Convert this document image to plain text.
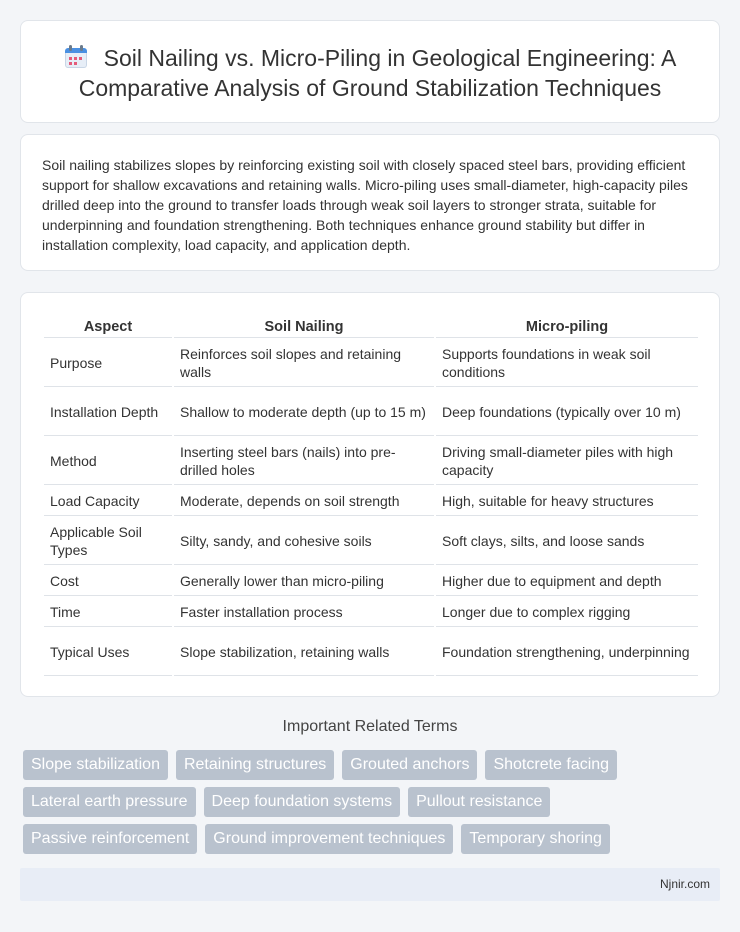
Soil Nailing vs. Micro-Piling in Geological Engineering: A Comparative Analysis of Ground Stabilization Techniques

Soil nailing stabilizes slopes by reinforcing existing soil with closely spaced steel bars, providing efficient support for shallow excavations and retaining walls. Micro-piling uses small-diameter, high-capacity piles drilled deep into the ground to transfer loads through weak soil layers to stronger strata, suitable for underpinning and foundation strengthening. Both techniques enhance ground stability but differ in installation complexity, load capacity, and application depth.

Aspect	Soil Nailing	Micro-piling
Purpose	Reinforces soil slopes and retaining walls	Supports foundations in weak soil conditions
Installation Depth	Shallow to moderate depth (up to 15 m)	Deep foundations (typically over 10 m)
Method	Inserting steel bars (nails) into pre-drilled holes	Driving small-diameter piles with high capacity
Load Capacity	Moderate, depends on soil strength	High, suitable for heavy structures
Applicable Soil Types	Silty, sandy, and cohesive soils	Soft clays, silts, and loose sands
Cost	Generally lower than micro-piling	Higher due to equipment and depth
Time	Faster installation process	Longer due to complex rigging
Typical Uses	Slope stabilization, retaining walls	Foundation strengthening, underpinning
Important Related Terms
Slope stabilization	Retaining structures	Grouted anchors	Shotcrete facing
Lateral earth pressure	Deep foundation systems	Pullout resistance
Passive reinforcement	Ground improvement techniques	Temporary shoring
Njnir.com
